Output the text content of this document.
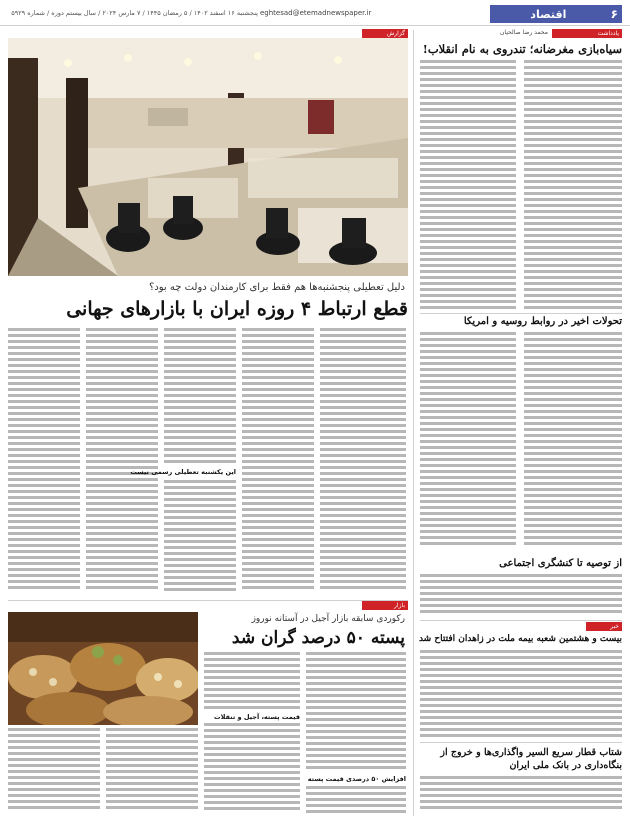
۶
اقتصاد
eghtesad@etemadnewspaper.ir
پنجشنبه ۱۶ اسفند ۱۴۰۲ / ۵ رمضان ۱۴۴۵ / ۷ مارس ۲۰۲۴ / سال بیستم دوره / شماره ۵۹۲۹
گزارش	یادداشت
بازار
خبر
دلیل تعطیلی پنجشنبه‌ها هم فقط برای کارمندان دولت چه بود؟
قطع ارتباط ۴ روزه ایران با بازارهای جهانی
این یکشنبه تعطیلی رسمی نیست
رکوردی سابقه بازار آجیل در آستانه نوروز
پسته ۵۰ درصد گران شد
قیمت پسته، آجیل و تنقلات
افزایش ۵۰ درصدی قیمت پسته
محمد رضا صالحیان
سیاه‌بازی مغرضانه؛ تندروی به نام انقلاب!
تحولات اخیر در روابط روسیه و امریکا
از توصیه تا کنشگری اجتماعی
بیست و هشتمین شعبه بیمه ملت در زاهدان افتتاح شد
شتاب قطار سریع السیر واگذاری‌ها و خروج از بنگاه‌داری در بانک ملی ایران
